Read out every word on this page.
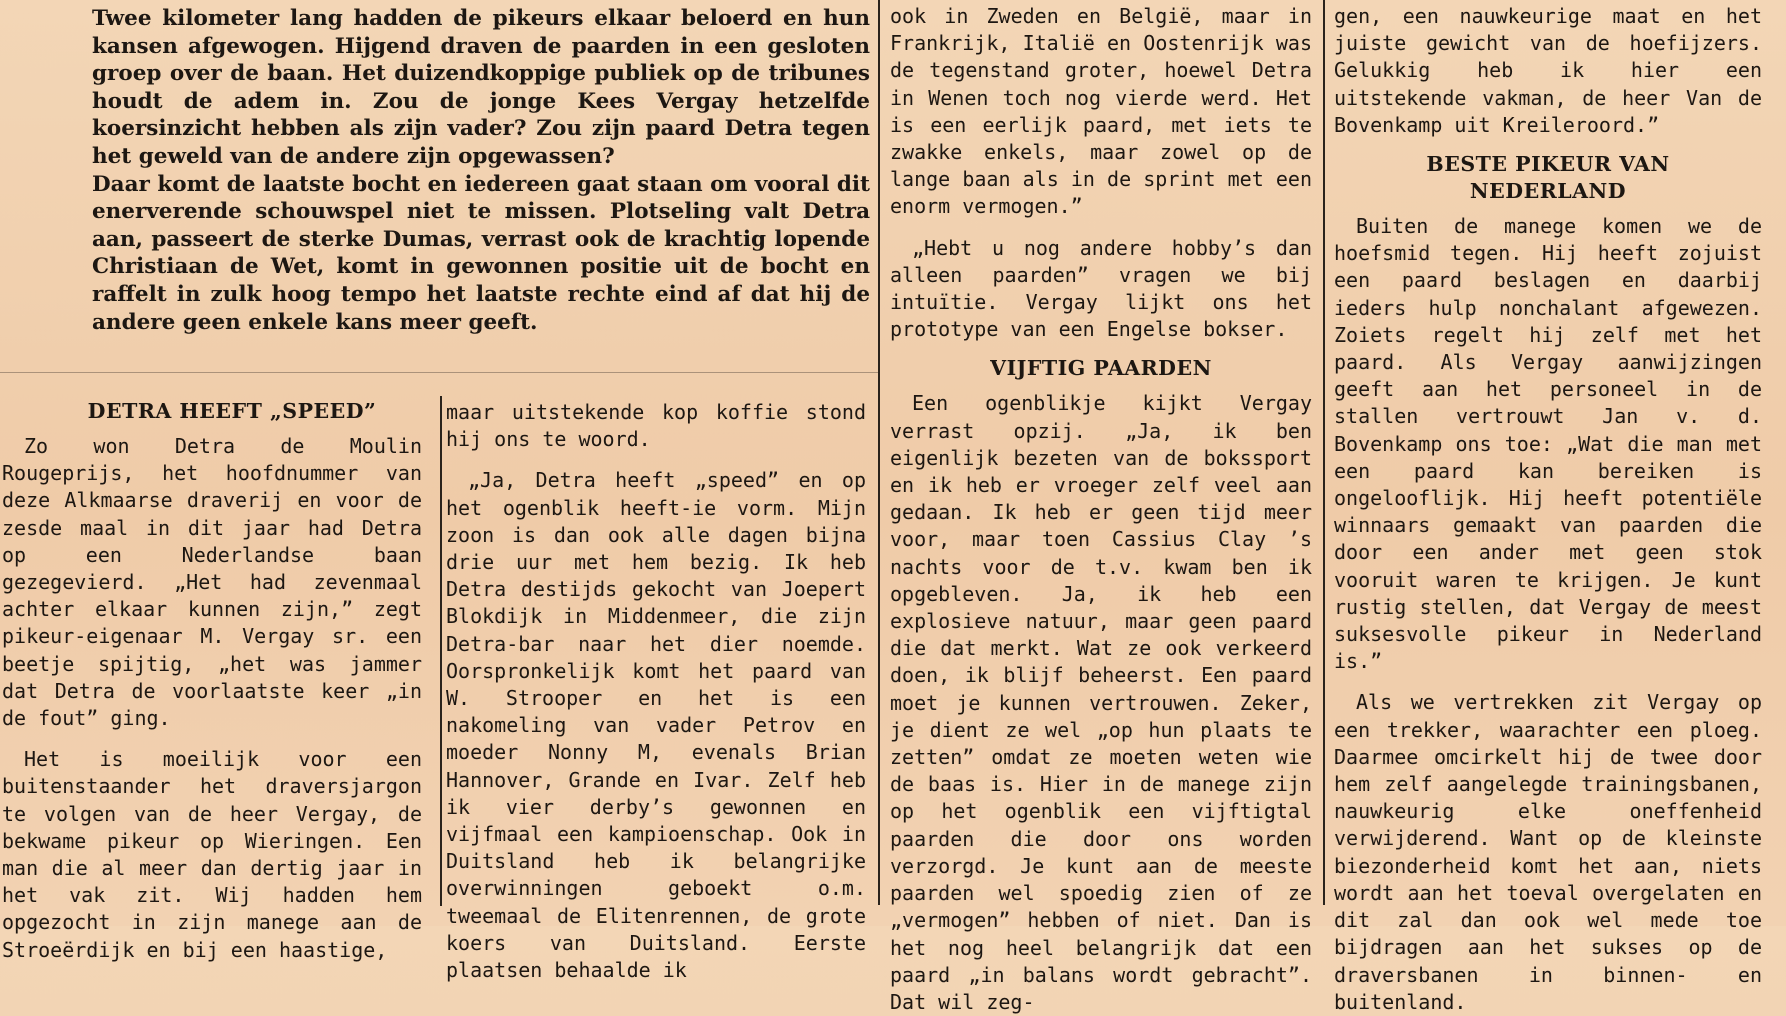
Twee kilometer lang hadden de pikeurs elkaar beloerd en hun kansen afgewogen. Hijgend draven de paarden in een gesloten groep over de baan. Het duizendkoppige publiek op de tribunes houdt de adem in. Zou de jonge Kees Vergay hetzelfde koersinzicht hebben als zijn vader? Zou zijn paard Detra tegen het geweld van de andere zijn opgewassen?

Daar komt de laatste bocht en iedereen gaat staan om vooral dit enerverende schouwspel niet te missen. Plotseling valt Detra aan, passeert de sterke Dumas, verrast ook de krachtig lopende Christiaan de Wet, komt in gewonnen positie uit de bocht en raffelt in zulk hoog tempo het laatste rechte eind af dat hij de andere geen enkele kans meer geeft.

DETRA HEEFT „SPEED”

Zo won Detra de Moulin Rougeprijs, het hoofdnummer van deze Alkmaarse draverij en voor de zesde maal in dit jaar had Detra op een Nederlandse baan gezegevierd. „Het had zevenmaal achter elkaar kunnen zijn,” zegt pikeur-eigenaar M. Vergay sr. een beetje spijtig, „het was jammer dat Detra de voorlaatste keer „in de fout” ging.

Het is moeilijk voor een buitenstaander het draversjargon te volgen van de heer Vergay, de bekwame pikeur op Wieringen. Een man die al meer dan dertig jaar in het vak zit. Wij hadden hem opgezocht in zijn manege aan de Stroeërdijk en bij een haastige,

maar uitstekende kop koffie stond hij ons te woord.

„Ja, Detra heeft „speed” en op het ogenblik heeft-ie vorm. Mijn zoon is dan ook alle dagen bijna drie uur met hem bezig. Ik heb Detra destijds gekocht van Joepert Blokdijk in Middenmeer, die zijn Detra-bar naar het dier noemde. Oorspronkelijk komt het paard van W. Strooper en het is een nakomeling van vader Petrov en moeder Nonny M, evenals Brian Hannover, Grande en Ivar. Zelf heb ik vier derby’s gewonnen en vijfmaal een kampioenschap. Ook in Duitsland heb ik belangrijke overwinningen geboekt o.m. tweemaal de Elitenrennen, de grote koers van Duitsland. Eerste plaatsen behaalde ik

ook in Zweden en België, maar in Frankrijk, Italië en Oostenrijk was de tegenstand groter, hoewel Detra in Wenen toch nog vierde werd. Het is een eerlijk paard, met iets te zwakke enkels, maar zowel op de lange baan als in de sprint met een enorm vermogen.”

„Hebt u nog andere hobby’s dan alleen paarden” vragen we bij intuïtie. Vergay lijkt ons het prototype van een Engelse bokser.

VIJFTIG PAARDEN

Een ogenblikje kijkt Vergay verrast opzij. „Ja, ik ben eigenlijk bezeten van de bokssport en ik heb er vroeger zelf veel aan gedaan. Ik heb er geen tijd meer voor, maar toen Cassius Clay ’s nachts voor de t.v. kwam ben ik opgebleven. Ja, ik heb een explosieve natuur, maar geen paard die dat merkt. Wat ze ook verkeerd doen, ik blijf beheerst. Een paard moet je kunnen vertrouwen. Zeker, je dient ze wel „op hun plaats te zetten” omdat ze moeten weten wie de baas is. Hier in de manege zijn op het ogenblik een vijftigtal paarden die door ons worden verzorgd. Je kunt aan de meeste paarden wel spoedig zien of ze „vermogen” hebben of niet. Dan is het nog heel belangrijk dat een paard „in balans wordt gebracht”. Dat wil zeg-

gen, een nauwkeurige maat en het juiste gewicht van de hoefijzers. Gelukkig heb ik hier een uitstekende vakman, de heer Van de Bovenkamp uit Kreileroord.”

BESTE PIKEUR VAN
NEDERLAND

Buiten de manege komen we de hoefsmid tegen. Hij heeft zojuist een paard beslagen en daarbij ieders hulp nonchalant afgewezen. Zoiets regelt hij zelf met het paard. Als Vergay aanwijzingen geeft aan het personeel in de stallen vertrouwt Jan v. d. Bovenkamp ons toe: „Wat die man met een paard kan bereiken is ongelooflijk. Hij heeft potentiële winnaars gemaakt van paarden die door een ander met geen stok vooruit waren te krijgen. Je kunt rustig stellen, dat Vergay de meest suksesvolle pikeur in Nederland is.”

Als we vertrekken zit Vergay op een trekker, waarachter een ploeg. Daarmee omcirkelt hij de twee door hem zelf aangelegde trainingsbanen, nauwkeurig elke oneffenheid verwijderend. Want op de kleinste biezonderheid komt het aan, niets wordt aan het toeval overgelaten en dit zal dan ook wel mede toe bijdragen aan het sukses op de draversbanen in binnen- en buitenland.
